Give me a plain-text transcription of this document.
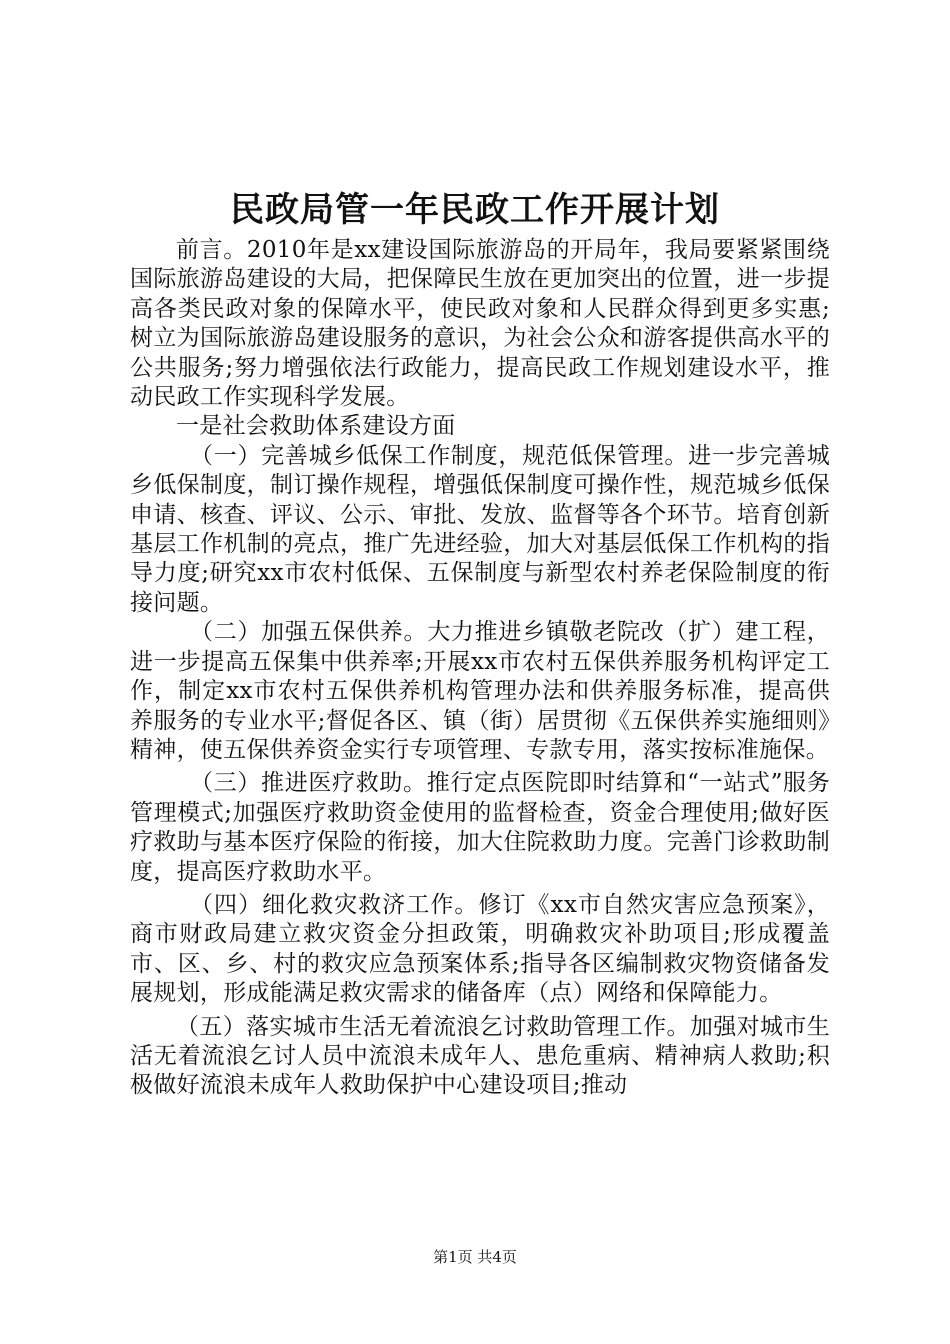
民政局管一年民政工作开展计划

前言。2010年是xx建设国际旅游岛的开局年，我局要紧紧围绕国际旅游岛建设的大局，把保障民生放在更加突出的位置，进一步提高各类民政对象的保障水平，使民政对象和人民群众得到更多实惠;树立为国际旅游岛建设服务的意识，为社会公众和游客提供高水平的公共服务;努力增强依法行政能力，提高民政工作规划建设水平，推动民政工作实现科学发展。

一是社会救助体系建设方面

（一）完善城乡低保工作制度，规范低保管理。进一步完善城乡低保制度，制订操作规程，增强低保制度可操作性，规范城乡低保申请、核查、评议、公示、审批、发放、监督等各个环节。培育创新基层工作机制的亮点，推广先进经验，加大对基层低保工作机构的指导力度;研究xx市农村低保、五保制度与新型农村养老保险制度的衔接问题。

（二）加强五保供养。大力推进乡镇敬老院改（扩）建工程，进一步提高五保集中供养率;开展xx市农村五保供养服务机构评定工作，制定xx市农村五保供养机构管理办法和供养服务标准，提高供养服务的专业水平;督促各区、镇（街）居贯彻《五保供养实施细则》精神，使五保供养资金实行专项管理、专款专用，落实按标准施保。

（三）推进医疗救助。推行定点医院即时结算和“一站式”服务管理模式;加强医疗救助资金使用的监督检查，资金合理使用;做好医疗救助与基本医疗保险的衔接，加大住院救助力度。完善门诊救助制度，提高医疗救助水平。

（四）细化救灾救济工作。修订《xx市自然灾害应急预案》，商市财政局建立救灾资金分担政策，明确救灾补助项目;形成覆盖市、区、乡、村的救灾应急预案体系;指导各区编制救灾物资储备发展规划，形成能满足救灾需求的储备库（点）网络和保障能力。

（五）落实城市生活无着流浪乞讨救助管理工作。加强对城市生活无着流浪乞讨人员中流浪未成年人、患危重病、精神病人救助;积极做好流浪未成年人救助保护中心建设项目;推动

第1页 共4页
